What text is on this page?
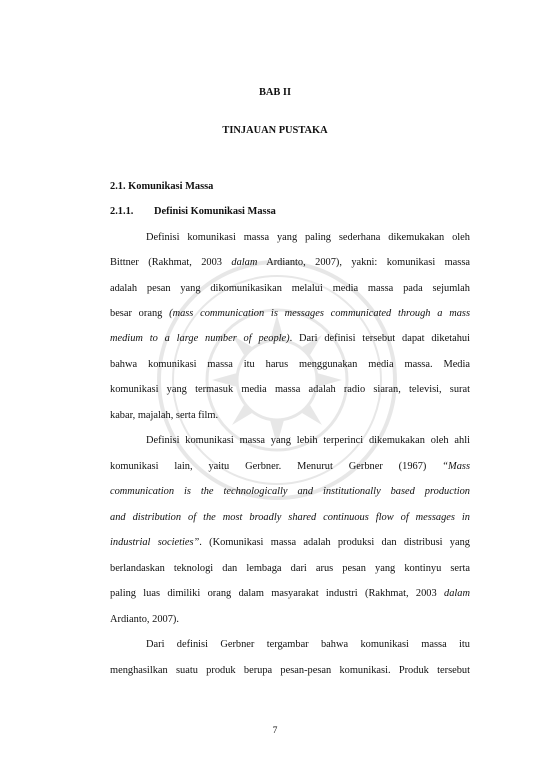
BAB II
TINJAUAN PUSTAKA
2.1. Komunikasi Massa
2.1.1. Definisi Komunikasi Massa
Definisi komunikasi massa yang paling sederhana dikemukakan oleh
Bittner (Rakhmat, 2003 dalam Ardianto, 2007), yakni: komunikasi massa
adalah pesan yang dikomunikasikan melalui media massa pada sejumlah
besar orang (mass communication is messages communicated through a mass
medium to a large number of people). Dari definisi tersebut dapat diketahui
bahwa komunikasi massa itu harus menggunakan media massa. Media
komunikasi yang termasuk media massa adalah radio siaran, televisi, surat
kabar, majalah, serta film.
Definisi komunikasi massa yang lebih terperinci dikemukakan oleh ahli
komunikasi lain, yaitu Gerbner. Menurut Gerbner (1967) “Mass
communication is the technologically and institutionally based production
and distribution of the most broadly shared continuous flow of messages in
industrial societies”. (Komunikasi massa adalah produksi dan distribusi yang
berlandaskan teknologi dan lembaga dari arus pesan yang kontinyu serta
paling luas dimiliki orang dalam masyarakat industri (Rakhmat, 2003 dalam
Ardianto, 2007).
Dari definisi Gerbner tergambar bahwa komunikasi massa itu
menghasilkan suatu produk berupa pesan-pesan komunikasi. Produk tersebut
7
